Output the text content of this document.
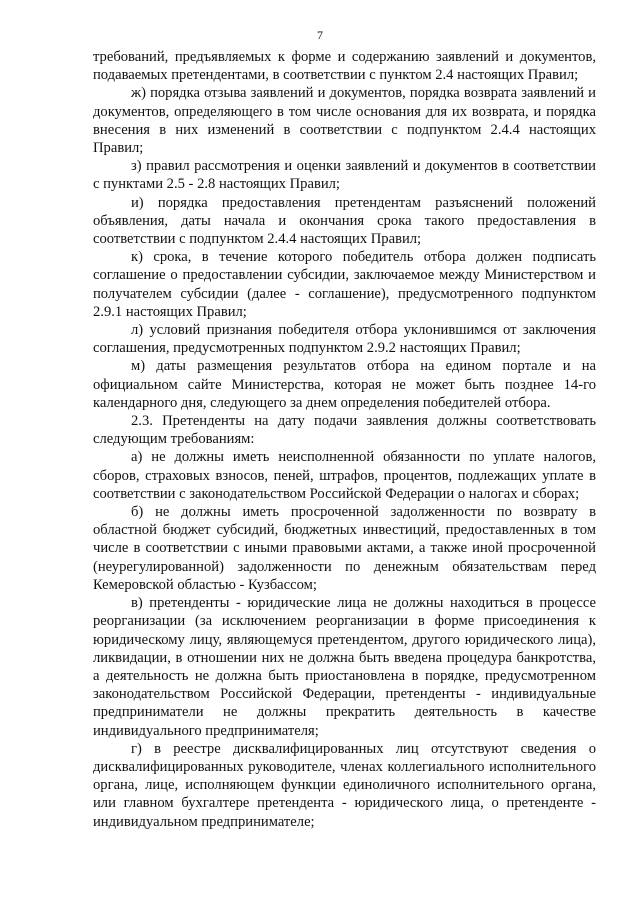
7

требований, предъявляемых к форме и содержанию заявлений и документов, подаваемых претендентами, в соответствии с пунктом 2.4 настоящих Правил;

ж) порядка отзыва заявлений и документов, порядка возврата заявлений и документов, определяющего в том числе основания для их возврата, и порядка внесения в них изменений в соответствии с подпунктом 2.4.4 настоящих Правил;

з) правил рассмотрения и оценки заявлений и документов в соответствии с пунктами 2.5 - 2.8 настоящих Правил;

и) порядка предоставления претендентам разъяснений положений объявления, даты начала и окончания срока такого предоставления в соответствии с подпунктом 2.4.4 настоящих Правил;

к) срока, в течение которого победитель отбора должен подписать соглашение о предоставлении субсидии, заключаемое между Министерством и получателем субсидии (далее - соглашение), предусмотренного подпунктом 2.9.1 настоящих Правил;

л) условий признания победителя отбора уклонившимся от заключения соглашения, предусмотренных подпунктом 2.9.2 настоящих Правил;

м) даты размещения результатов отбора на едином портале и на официальном сайте Министерства, которая не может быть позднее 14-го календарного дня, следующего за днем определения победителей отбора.

2.3. Претенденты на дату подачи заявления должны соответствовать следующим требованиям:

а) не должны иметь неисполненной обязанности по уплате налогов, сборов, страховых взносов, пеней, штрафов, процентов, подлежащих уплате в соответствии с законодательством Российской Федерации о налогах и сборах;

б) не должны иметь просроченной задолженности по возврату в областной бюджет субсидий, бюджетных инвестиций, предоставленных в том числе в соответствии с иными правовыми актами, а также иной просроченной (неурегулированной) задолженности по денежным обязательствам перед Кемеровской областью - Кузбассом;

в) претенденты - юридические лица не должны находиться в процессе реорганизации (за исключением реорганизации в форме присоединения к юридическому лицу, являющемуся претендентом, другого юридического лица), ликвидации, в отношении них не должна быть введена процедура банкротства, а деятельность не должна быть приостановлена в порядке, предусмотренном законодательством Российской Федерации, претенденты - индивидуальные предприниматели не должны прекратить деятельность в качестве индивидуального предпринимателя;

г) в реестре дисквалифицированных лиц отсутствуют сведения о дисквалифицированных руководителе, членах коллегиального исполнительного органа, лице, исполняющем функции единоличного исполнительного органа, или главном бухгалтере претендента - юридического лица, о претенденте - индивидуальном предпринимателе;
